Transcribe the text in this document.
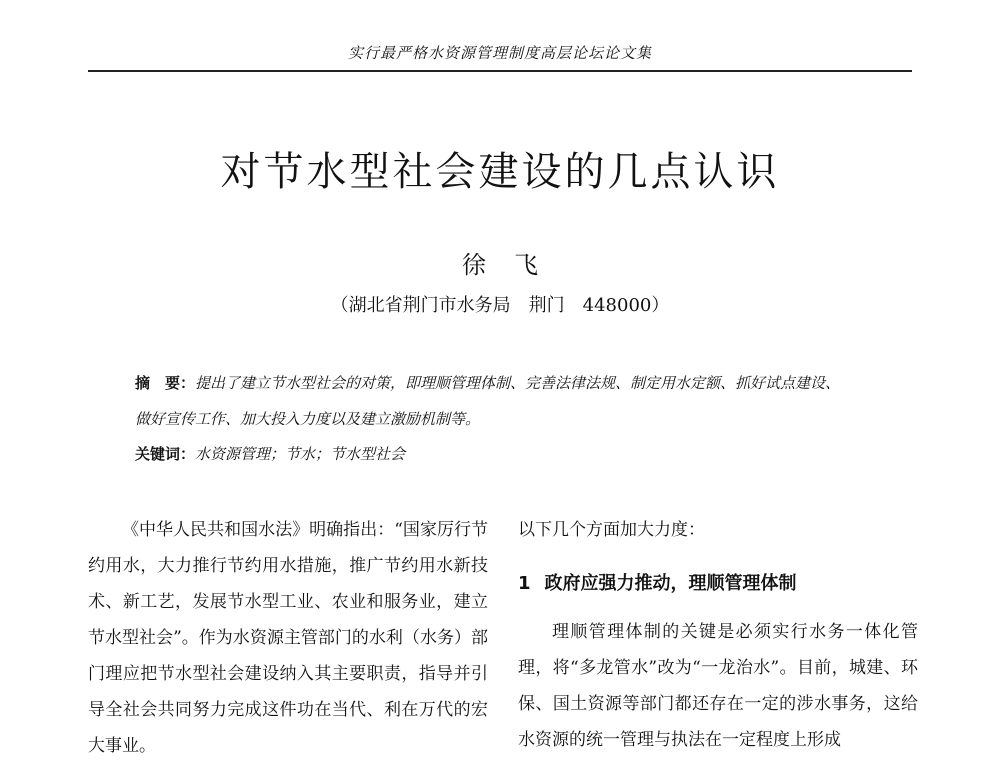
实行最严格水资源管理制度高层论坛论文集
对节水型社会建设的几点认识
徐飞
（湖北省荆门市水务局　荆门　448000）
摘　要：提出了建立节水型社会的对策，即理顺管理体制、完善法律法规、制定用水定额、抓好试点建设、
做好宣传工作、加大投入力度以及建立激励机制等。
关键词：水资源管理；节水；节水型社会

《中华人民共和国水法》明确指出：“国家厉行节约用水，大力推行节约用水措施，推广节约用水新技术、新工艺，发展节水型工业、农业和服务业，建立节水型社会”。作为水资源主管部门的水利（水务）部门理应把节水型社会建设纳入其主要职责，指导并引导全社会共同努力完成这件功在当代、利在万代的宏大事业。

以下几个方面加大力度：

1 政府应强力推动，理顺管理体制

理顺管理体制的关键是必须实行水务一体化管理，将“多龙管水”改为“一龙治水”。目前，城建、环保、国土资源等部门都还存在一定的涉水事务，这给水资源的统一管理与执法在一定程度上形成
